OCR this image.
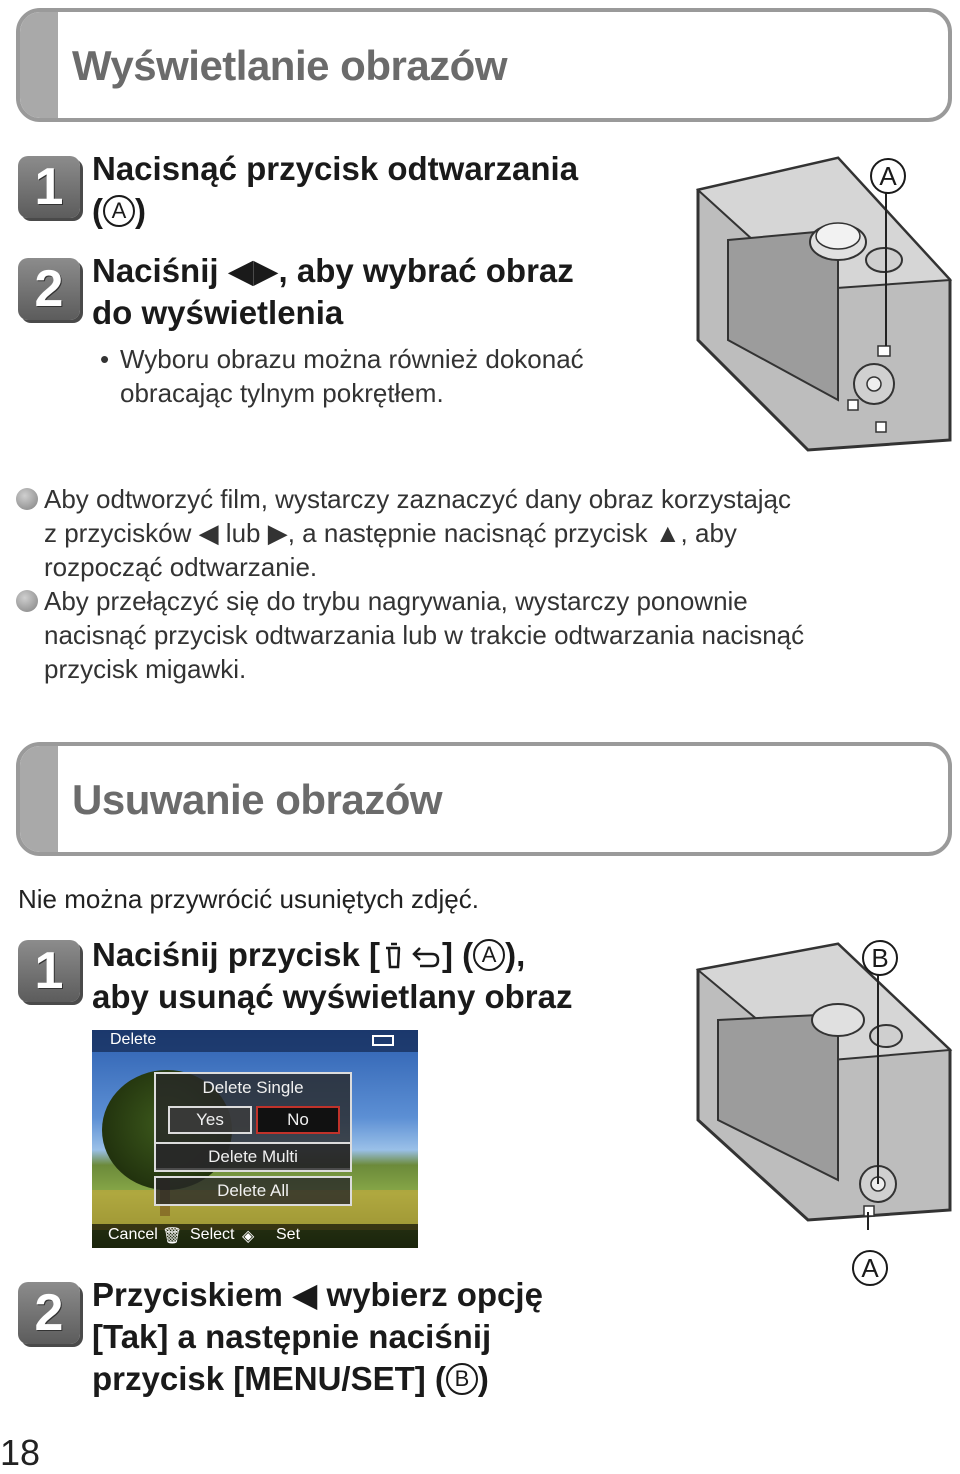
Wyświetlanie obrazów
1 Nacisnąć przycisk odtwarzania
( A )
2 Naciśnij ◀▶, aby wybrać obraz
do wyświetlenia
• Wyboru obrazu można również dokonać
obracając tylnym pokrętłem.
A
Aby odtworzyć film, wystarczy zaznaczyć dany obraz korzystając
z przycisków ◀ lub ▶, a następnie nacisnąć przycisk ▲, aby
rozpocząć odtwarzanie.
Aby przełączyć się do trybu nagrywania, wystarczy ponownie
nacisnąć przycisk odtwarzania lub w trakcie odtwarzania nacisnąć
przycisk migawki.
Usuwanie obrazów
Nie można przywrócić usuniętych zdjęć.
1 Naciśnij przycisk [ ] ( A ),
aby usunąć wyświetlany obraz
Delete
Delete Single
Yes	No
Delete Multi
Delete All
Cancel 🗑 Select ◈ Set
B
A
2 Przyciskiem ◀ wybierz opcję
[Tak] a następnie naciśnij
przycisk [MENU/SET] ( B )
18
